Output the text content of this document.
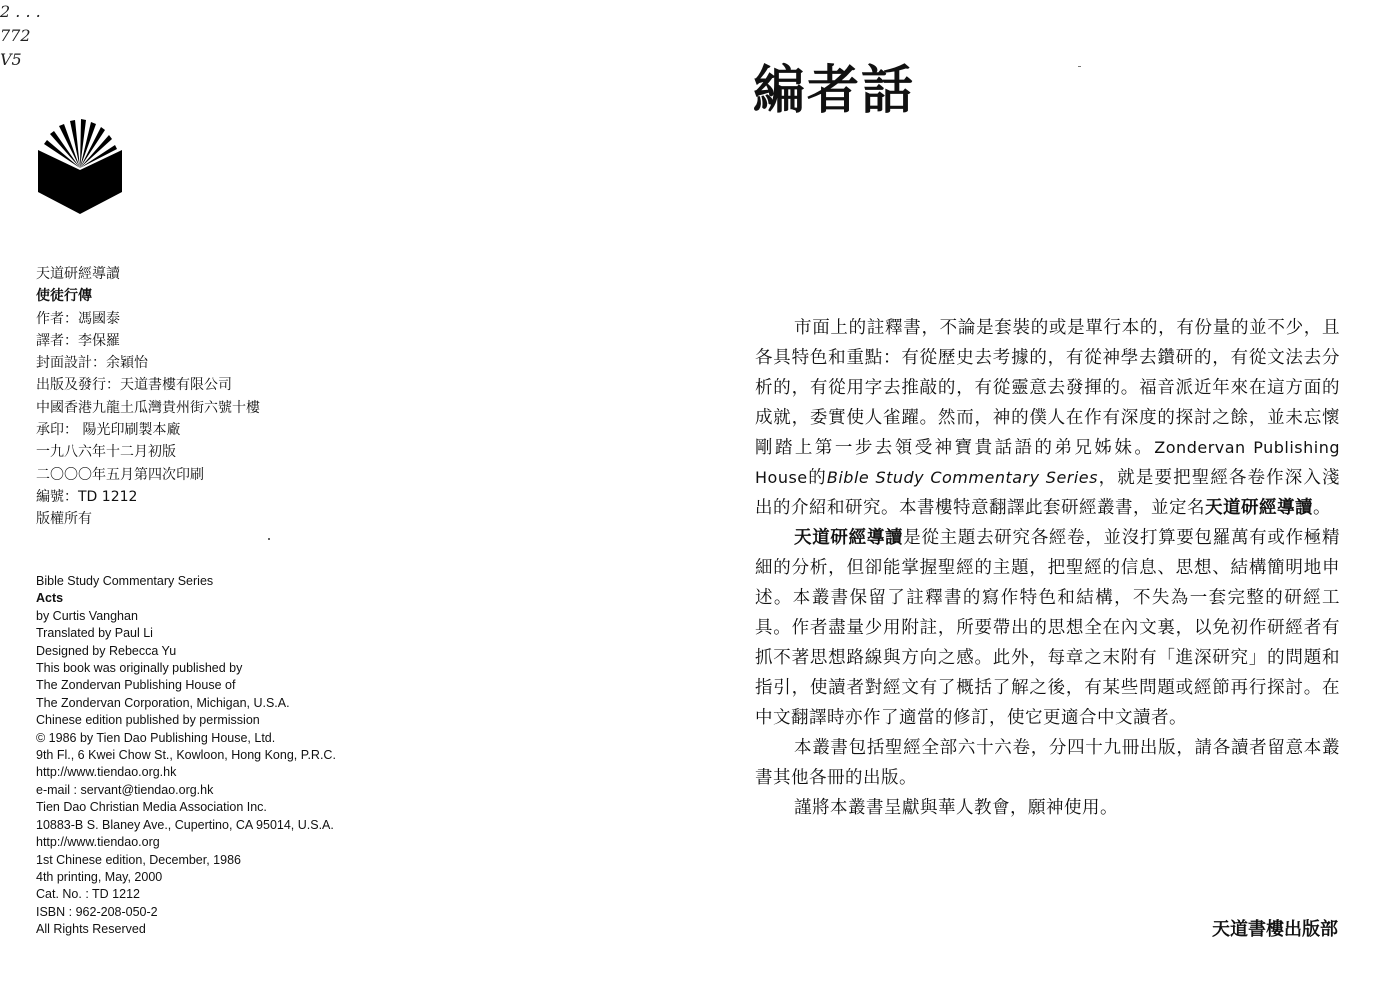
2 . . .
772
V5
天道研經導讀
使徒行傳
作者：馮國泰
譯者：李保羅
封面設計：余穎怡
出版及發行：天道書樓有限公司
中國香港九龍土瓜灣貴州街六號十樓
承印： 陽光印刷製本廠
一九八六年十二月初版
二〇〇〇年五月第四次印刷
編號：TD 1212
版權所有
Bible Study Commentary Series
Acts
by Curtis Vanghan
Translated by Paul Li
Designed by Rebecca Yu
This book was originally published by
The Zondervan Publishing House of
The Zondervan Corporation, Michigan, U.S.A.
Chinese edition published by permission
© 1986 by Tien Dao Publishing House, Ltd.
9th Fl., 6 Kwei Chow St., Kowloon, Hong Kong, P.R.C.
http://www.tiendao.org.hk
e-mail : servant@tiendao.org.hk
Tien Dao Christian Media Association Inc.
10883-B S. Blaney Ave., Cupertino, CA 95014, U.S.A.
http://www.tiendao.org
1st Chinese edition, December, 1986
4th printing, May, 2000
Cat. No. : TD 1212
ISBN : 962-208-050-2
All Rights Reserved
編者話

市面上的註釋書，不論是套裝的或是單行本的，有份量的並不少，且各具特色和重點：有從歷史去考據的，有從神學去鑽研的，有從文法去分析的，有從用字去推敲的，有從靈意去發揮的。福音派近年來在這方面的成就，委實使人雀躍。然而，神的僕人在作有深度的探討之餘，並未忘懷剛踏上第一步去領受神寶貴話語的弟兄姊妹。Zondervan Publishing House的Bible Study Commentary Series，就是要把聖經各卷作深入淺出的介紹和研究。本書樓特意翻譯此套研經叢書，並定名天道研經導讀。

天道研經導讀是從主題去研究各經卷，並沒打算要包羅萬有或作極精細的分析，但卻能掌握聖經的主題，把聖經的信息、思想、結構簡明地申述。本叢書保留了註釋書的寫作特色和結構，不失為一套完整的研經工具。作者盡量少用附註，所要帶出的思想全在內文裏，以免初作研經者有抓不著思想路線與方向之感。此外，每章之末附有「進深研究」的問題和指引，使讀者對經文有了概括了解之後，有某些問題或經節再行探討。在中文翻譯時亦作了適當的修訂，使它更適合中文讀者。

本叢書包括聖經全部六十六卷，分四十九冊出版，請各讀者留意本叢書其他各冊的出版。

謹將本叢書呈獻與華人教會，願神使用。

天道書樓出版部
